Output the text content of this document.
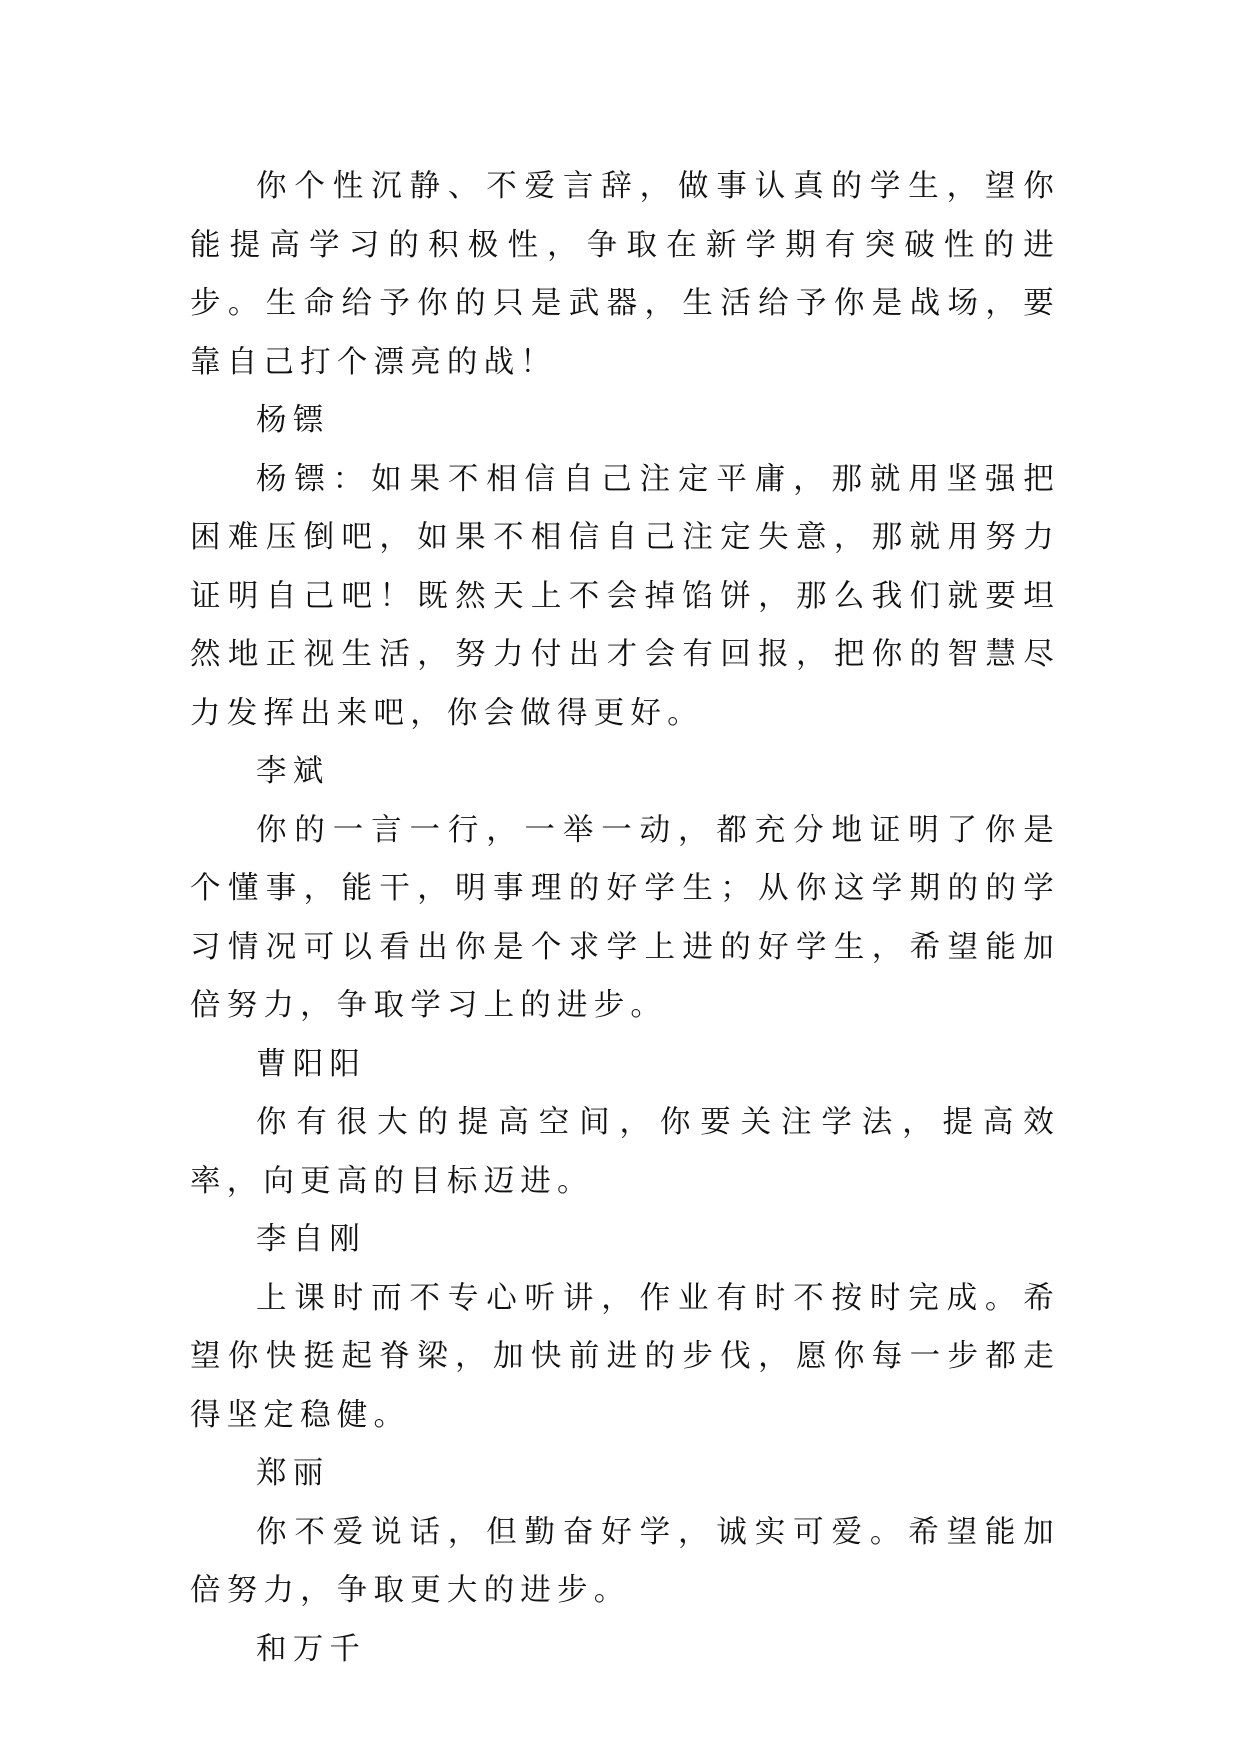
你个性沉静、不爱言辞，做事认真的学生，望你能提高学习的积极性，争取在新学期有突破性的进步。生命给予你的只是武器，生活给予你是战场，要靠自己打个漂亮的战！

杨镖

杨镖：如果不相信自己注定平庸，那就用坚强把困难压倒吧，如果不相信自己注定失意，那就用努力证明自己吧！既然天上不会掉馅饼，那么我们就要坦然地正视生活，努力付出才会有回报，把你的智慧尽力发挥出来吧，你会做得更好。

李斌

你的一言一行，一举一动，都充分地证明了你是个懂事，能干，明事理的好学生；从你这学期的的学习情况可以看出你是个求学上进的好学生，希望能加倍努力，争取学习上的进步。

曹阳阳

你有很大的提高空间，你要关注学法，提高效率，向更高的目标迈进。

李自刚

上课时而不专心听讲，作业有时不按时完成。希望你快挺起脊梁，加快前进的步伐，愿你每一步都走得坚定稳健。

郑丽

你不爱说话，但勤奋好学，诚实可爱。希望能加倍努力，争取更大的进步。

和万千
